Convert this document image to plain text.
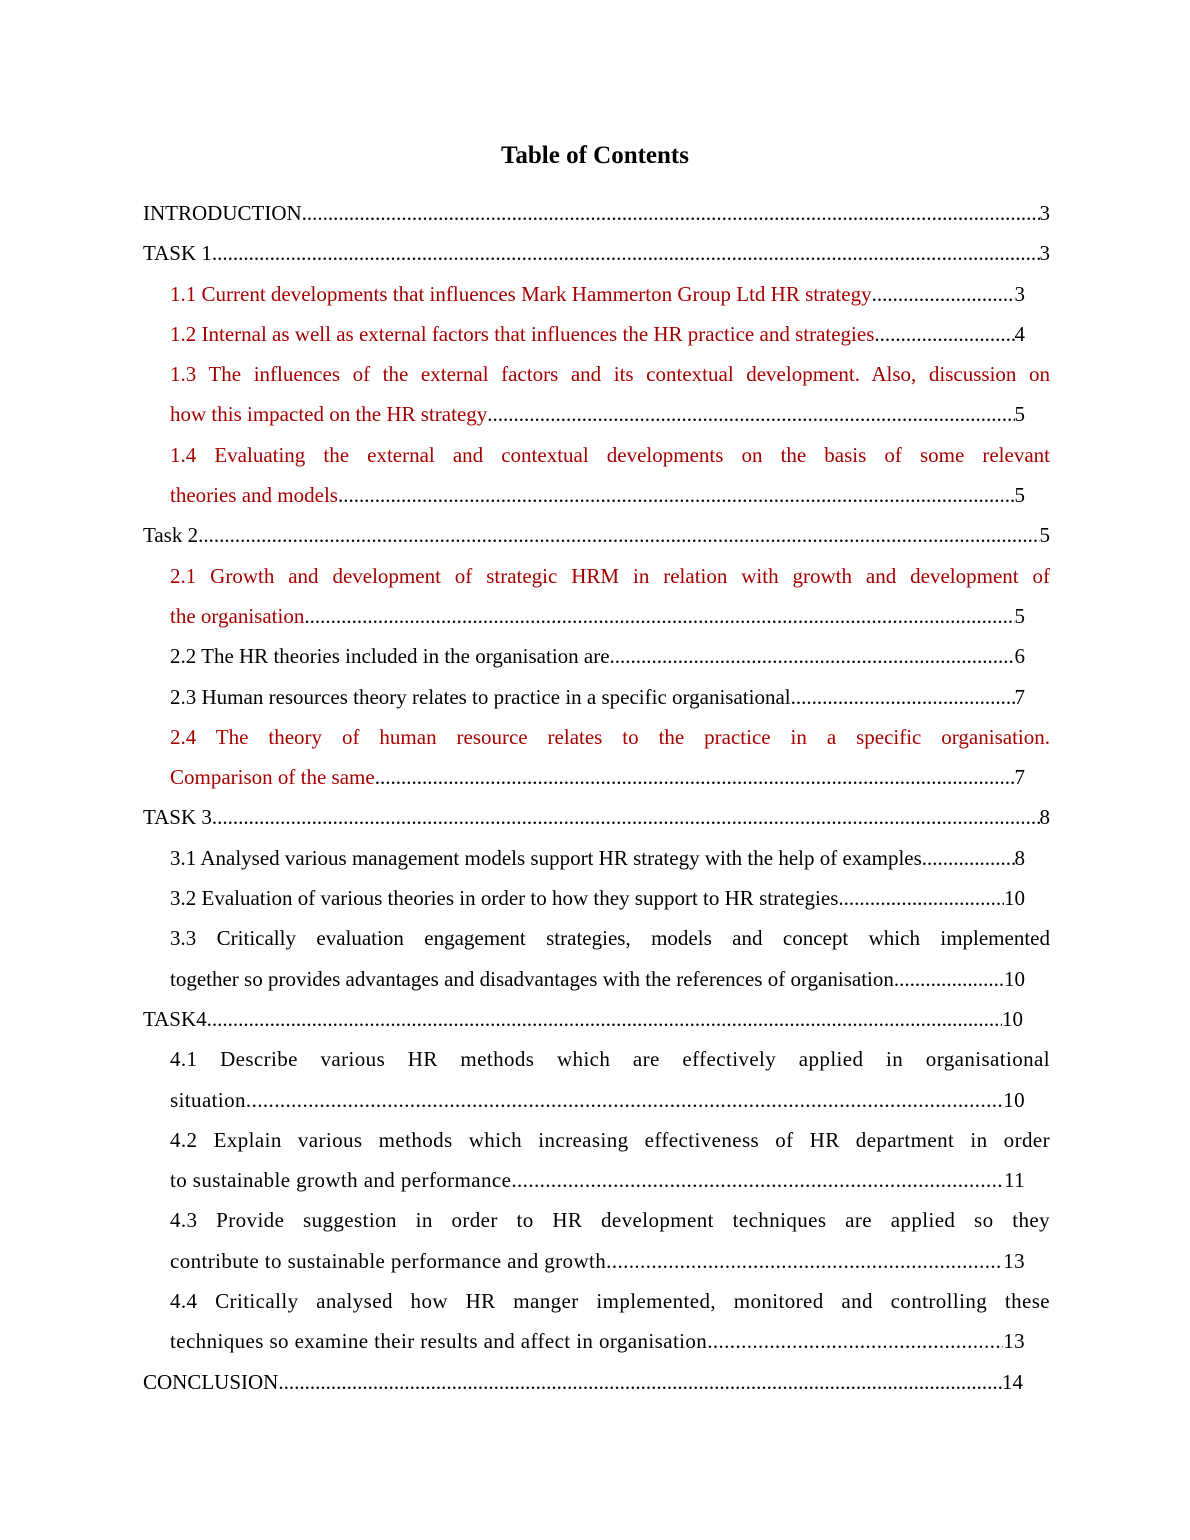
Table of Contents
INTRODUCTION .....	3
TASK 1 .....	3
1.1 Current developments that influences Mark Hammerton Group Ltd HR strategy .....	3
1.2 Internal as well as external factors that influences the HR practice and strategies .....	4
1.3 The influences of the external factors and its contextual development. Also, discussion on
how this impacted on the HR strategy .....	5
1.4 Evaluating the external and contextual developments on the basis of some relevant
theories and models .....	5
Task 2 .....	5
2.1 Growth and development of strategic HRM in relation with growth and development of
the organisation .....	5
2.2 The HR theories included in the organisation are .....	6
2.3 Human resources theory relates to practice in a specific organisational .....	7
2.4 The theory of human resource relates to the practice in a specific organisation.
Comparison of the same .....	7
TASK 3 .....	8
3.1 Analysed various management models support HR strategy with the help of examples. .....	8
3.2 Evaluation of various theories in order to how they support to HR strategies .....	10
3.3 Critically evaluation engagement strategies, models and concept which implemented
together so provides advantages and disadvantages with the references of organisation. .....	10
TASK4 .....	10
4.1 Describe various HR methods which are effectively applied in organisational
situation. .....	10
4.2 Explain various methods which increasing effectiveness of HR department in order
to sustainable growth and performance. .....	11
4.3 Provide suggestion in order to HR development techniques are applied so they
contribute to sustainable performance and growth. .....	13
4.4 Critically analysed how HR manger implemented, monitored and controlling these
techniques so examine their results and affect in organisation. .....	13
CONCLUSION .....	14
